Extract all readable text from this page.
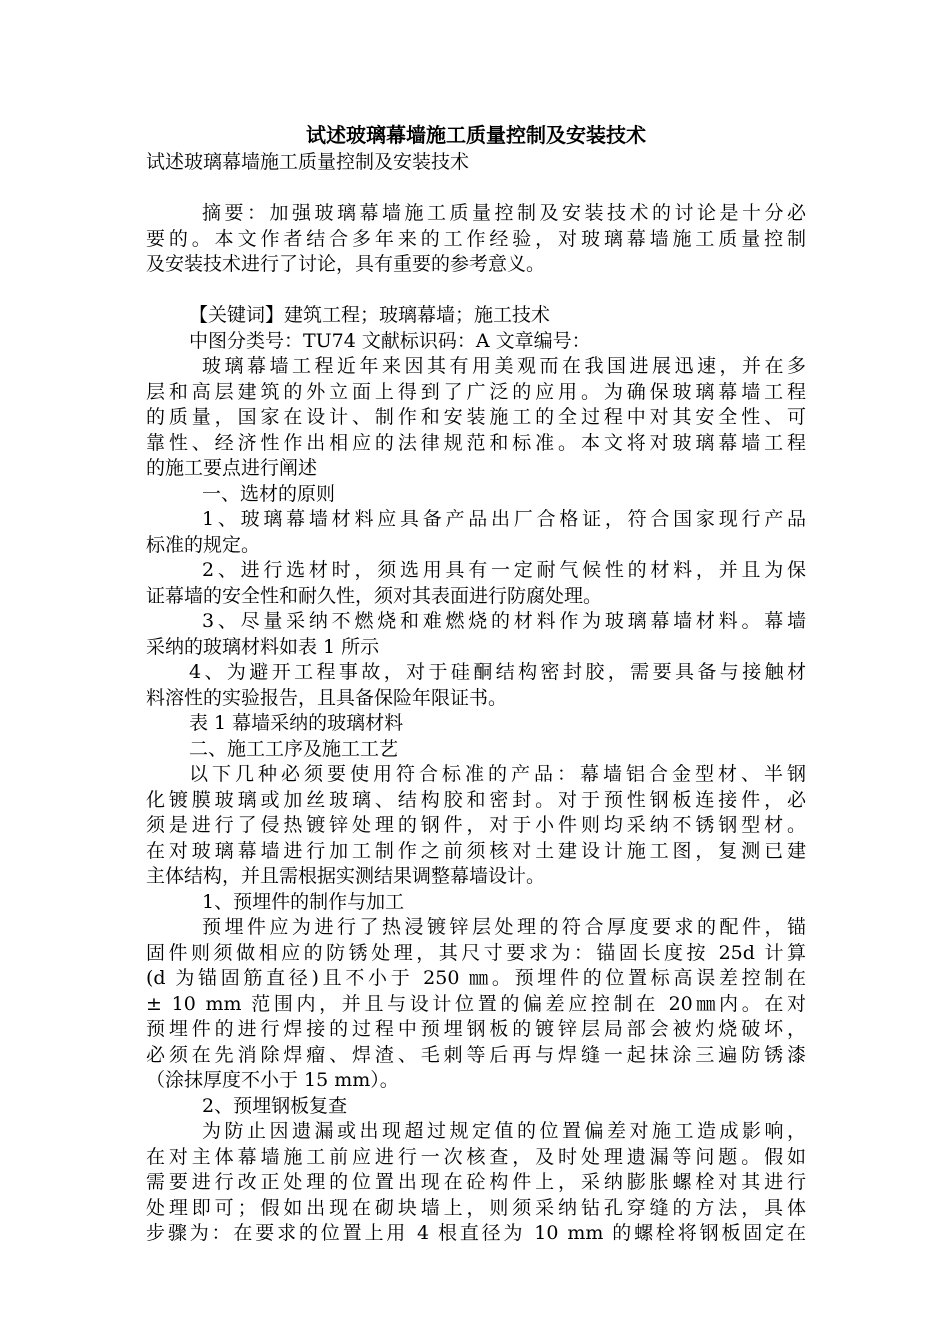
试述玻璃幕墙施工质量控制及安装技术
试述玻璃幕墙施工质量控制及安装技术
摘要：加强玻璃幕墙施工质量控制及安装技术的讨论是十分必
要的。本文作者结合多年来的工作经验，对玻璃幕墙施工质量控制
及安装技术进行了讨论，具有重要的参考意义。
【关键词】建筑工程；玻璃幕墙；施工技术
中图分类号：TU74 文献标识码：A 文章编号：
玻璃幕墙工程近年来因其有用美观而在我国进展迅速，并在多
层和高层建筑的外立面上得到了广泛的应用。为确保玻璃幕墙工程
的质量，国家在设计、制作和安装施工的全过程中对其安全性、可
靠性、经济性作出相应的法律规范和标准。本文将对玻璃幕墙工程
的施工要点进行阐述
一、选材的原则
1、玻璃幕墙材料应具备产品出厂合格证，符合国家现行产品
标准的规定。
2、进行选材时，须选用具有一定耐气候性的材料，并且为保
证幕墙的安全性和耐久性，须对其表面进行防腐处理。
3、尽量采纳不燃烧和难燃烧的材料作为玻璃幕墙材料。幕墙
采纳的玻璃材料如表 1 所示
4、为避开工程事故，对于硅酮结构密封胶，需要具备与接触材
料溶性的实验报告，且具备保险年限证书。
表 1 幕墙采纳的玻璃材料
二、施工工序及施工工艺
以下几种必须要使用符合标准的产品：幕墙铝合金型材、半钢
化镀膜玻璃或加丝玻璃、结构胶和密封。对于预性钢板连接件，必
须是进行了侵热镀锌处理的钢件，对于小件则均采纳不锈钢型材。
在对玻璃幕墙进行加工制作之前须核对土建设计施工图，复测已建
主体结构，并且需根据实测结果调整幕墙设计。
1、预埋件的制作与加工
预埋件应为进行了热浸镀锌层处理的符合厚度要求的配件，锚
固件则须做相应的防锈处理，其尺寸要求为：锚固长度按 25d 计算
(d 为锚固筋直径)且不小于 250 ㎜。预埋件的位置标高误差控制在
± 10 mm 范围内，并且与设计位置的偏差应控制在 20㎜内。在对
预埋件的进行焊接的过程中预埋钢板的镀锌层局部会被灼烧破坏，
必须在先消除焊瘤、焊渣、毛刺等后再与焊缝一起抹涂三遍防锈漆
（涂抹厚度不小于 15 mm）。
2、预埋钢板复查
为防止因遗漏或出现超过规定值的位置偏差对施工造成影响，
在对主体幕墙施工前应进行一次核查，及时处理遗漏等问题。假如
需要进行改正处理的位置出现在砼构件上，采纳膨胀螺栓对其进行
处理即可；假如出现在砌块墙上，则须采纳钻孔穿缝的方法，具体
步骤为：在要求的位置上用 4 根直径为 10 mm 的螺栓将钢板固定在
